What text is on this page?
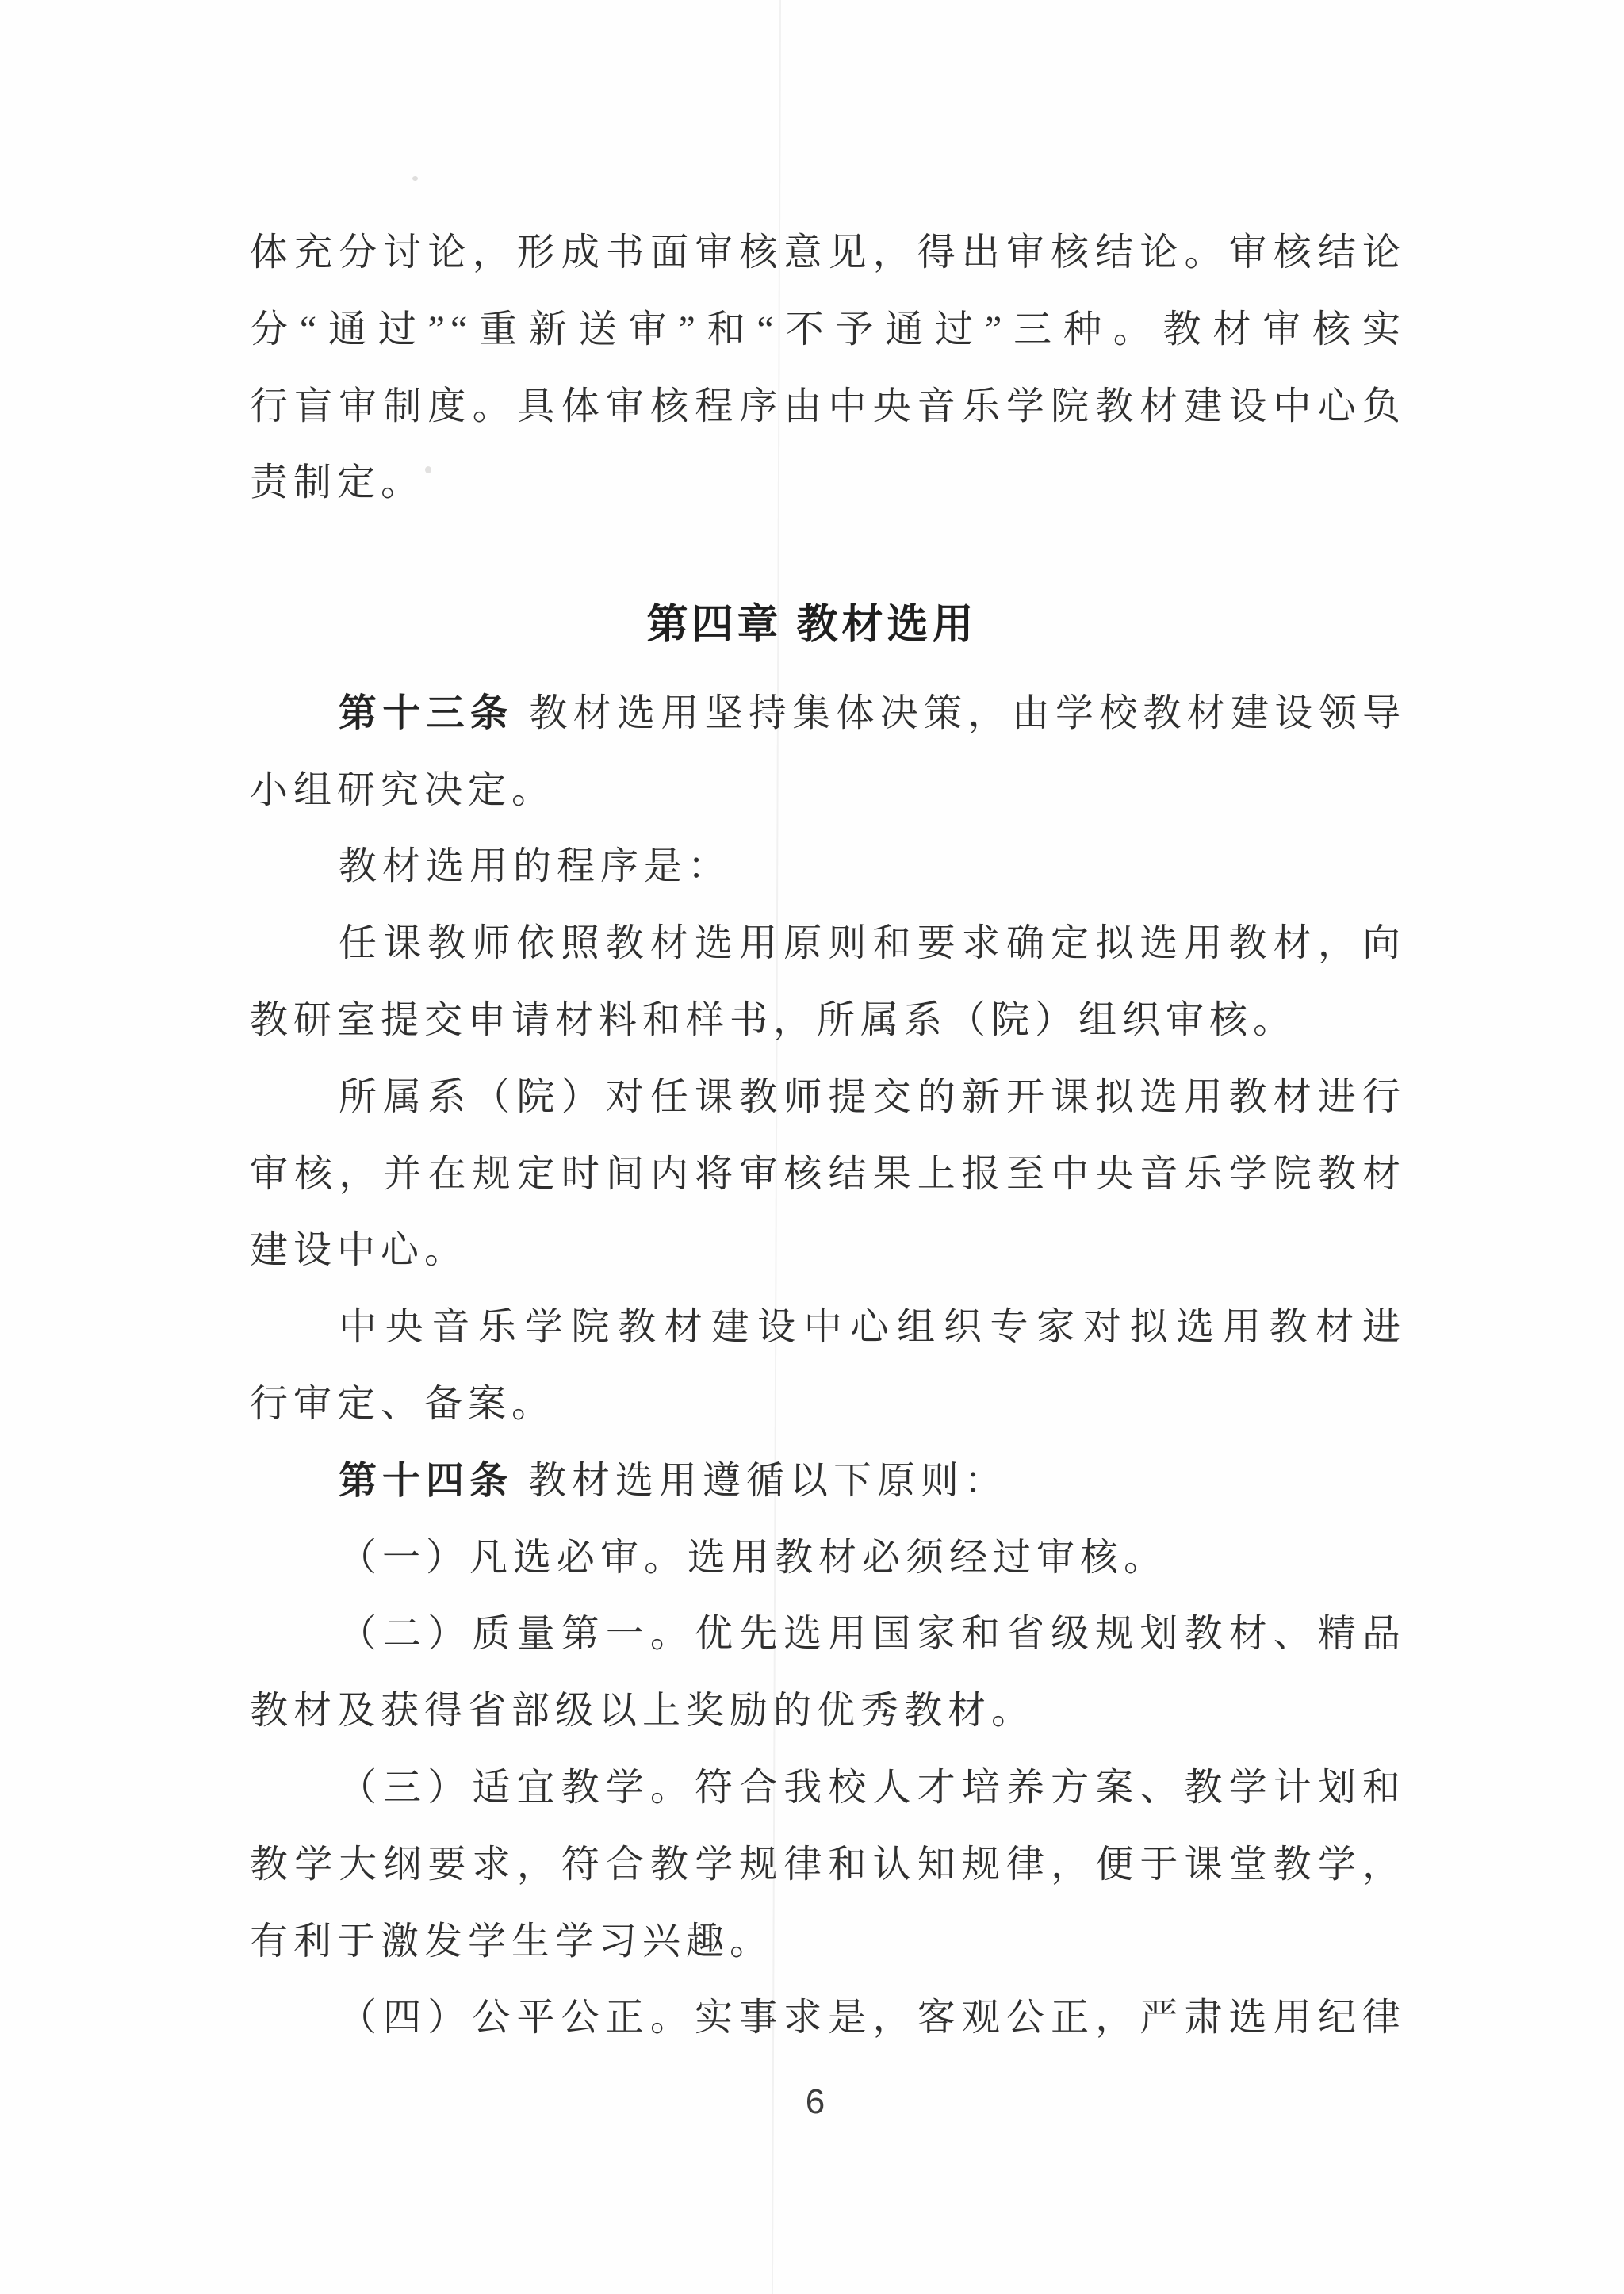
体充分讨论，形成书面审核意见，得出审核结论。审核结论
分“通过”“重新送审”和“不予通过”三种。教材审核实
行盲审制度。具体审核程序由中央音乐学院教材建设中心负
责制定。
第四章 教材选用
第十三条 教材选用坚持集体决策，由学校教材建设领导
小组研究决定。
教材选用的程序是：
任课教师依照教材选用原则和要求确定拟选用教材，向
教研室提交申请材料和样书，所属系（院）组织审核。
所属系（院）对任课教师提交的新开课拟选用教材进行
审核，并在规定时间内将审核结果上报至中央音乐学院教材
建设中心。
中央音乐学院教材建设中心组织专家对拟选用教材进
行审定、备案。
第十四条 教材选用遵循以下原则：
（一）凡选必审。选用教材必须经过审核。
（二）质量第一。优先选用国家和省级规划教材、精品
教材及获得省部级以上奖励的优秀教材。
（三）适宜教学。符合我校人才培养方案、教学计划和
教学大纲要求，符合教学规律和认知规律，便于课堂教学，
有利于激发学生学习兴趣。
（四）公平公正。实事求是，客观公正，严肃选用纪律
6
